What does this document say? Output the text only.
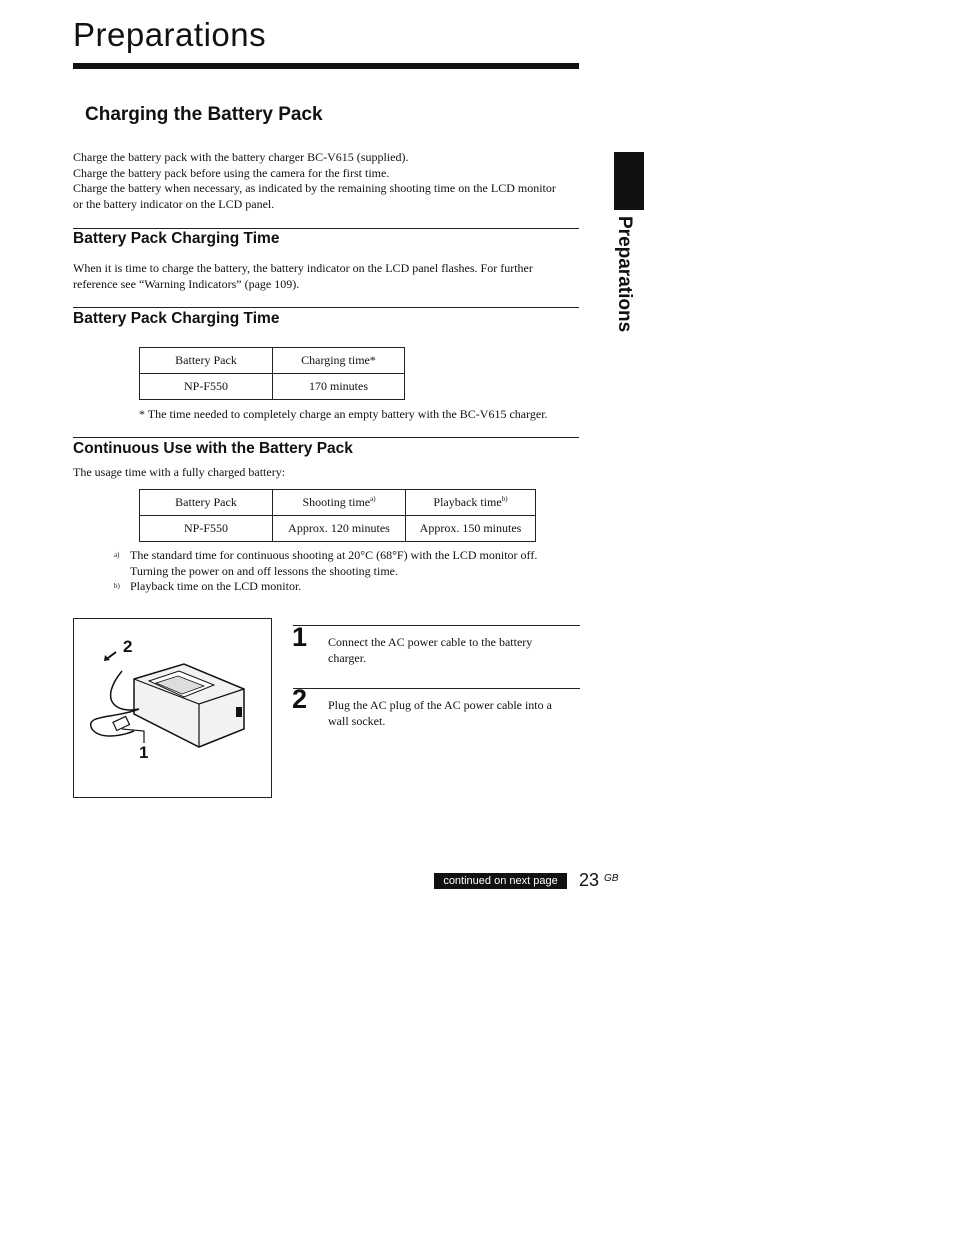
Preparations
Charging the Battery Pack
Charge the battery pack with the battery charger BC-V615 (supplied).
Charge the battery pack before using the camera for the first time.
Charge the battery when necessary, as indicated by the remaining shooting time on the LCD monitor
or the battery indicator on the LCD panel.
Battery Pack Charging Time
When it is time to charge the battery, the battery indicator on the LCD panel flashes. For further
reference see “Warning Indicators” (page 109).
Battery Pack Charging Time
Battery Pack	Charging time*
NP-F550	170 minutes
* The time needed to completely charge an empty battery with the BC-V615 charger.
Continuous Use with the Battery Pack
The usage time with a fully charged battery:
Battery Pack	Shooting time$^{a)}$	Playback time$^{b)}$
NP-F550	Approx. 120 minutes	Approx. 150 minutes
a) The standard time for continuous shooting at 20°C (68°F) with the LCD monitor off.
Turning the power on and off lessons the shooting time.
b) Playback time on the LCD monitor.
2
1
1 Connect the AC power cable to the battery
charger.
2 Plug the AC plug of the AC power cable into a
wall socket.
Preparations
continued on next page	23 GB
